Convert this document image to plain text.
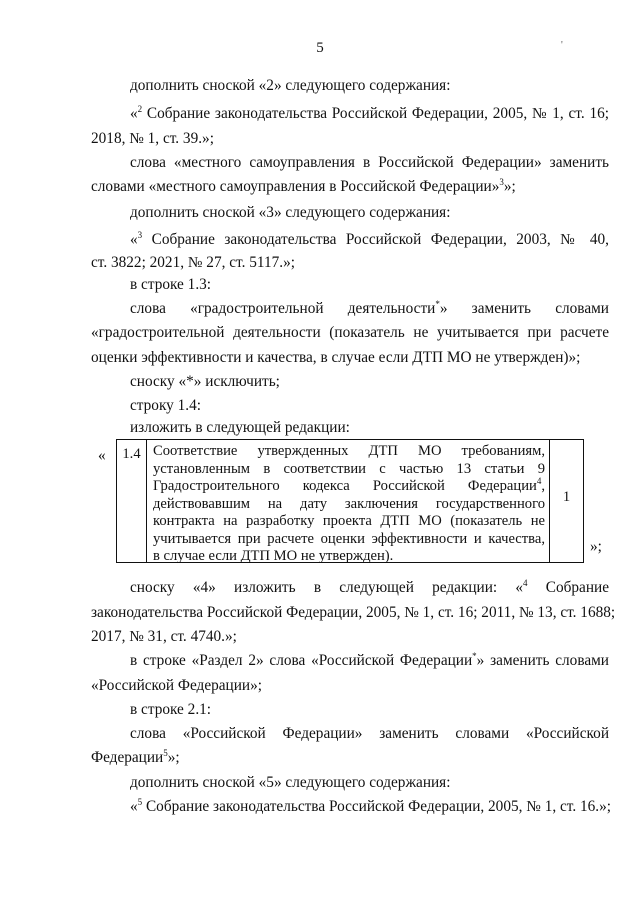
5	'
дополнить сноской «2» следующего содержания:
«$^2$ Собрание законодательства Российской Федерации, 2005, № 1, ст. 16;
2018, № 1, ст. 39.»;
слова «местного самоуправления в Российской Федерации» заменить
словами «местного самоуправления в Российской Федерации»$^3$»;
дополнить сноской «3» следующего содержания:
«$^3$ Собрание законодательства Российской Федерации, 2003, № 40,
ст. 3822; 2021, № 27, ст. 5117.»;
в строке 1.3:
слова «градостроительной деятельности*» заменить словами
«градостроительной деятельности (показатель не учитывается при расчете
оценки эффективности и качества, в случае если ДТП МО не утвержден)»;
сноску «*» исключить;
строку 1.4:
изложить в следующей редакции:
«	1.4 Соответствие утвержденных ДТП МО требованиям,
установленным в соответствии с частью 13 статьи 9
Градостроительного кодекса Российской Федерации$^4$,
действовавшим на дату заключения государственного
контракта на разработку проекта ДТП МО (показатель не
учитывается при расчете оценки эффективности и качества,
в случае если ДТП МО не утвержден).
1
»;
сноску «4» изложить в следующей редакции: «$^4$ Собрание
законодательства Российской Федерации, 2005, № 1, ст. 16; 2011, № 13, ст. 1688;
2017, № 31, ст. 4740.»;
в строке «Раздел 2» слова «Российской Федерации*» заменить словами
«Российской Федерации»;
в строке 2.1:
слова «Российской Федерации» заменить словами «Российской
Федерации$^5$»;
дополнить сноской «5» следующего содержания:
«$^5$ Собрание законодательства Российской Федерации, 2005, № 1, ст. 16.»;
